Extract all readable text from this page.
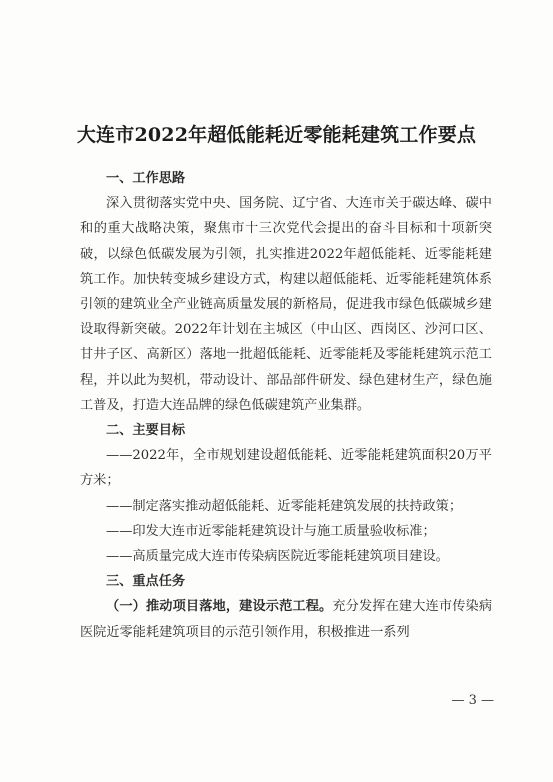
大连市2022年超低能耗近零能耗建筑工作要点

一、工作思路

深入贯彻落实党中央、国务院、辽宁省、大连市关于碳达峰、碳中和的重大战略决策，聚焦市十三次党代会提出的奋斗目标和十项新突破，以绿色低碳发展为引领，扎实推进2022年超低能耗、近零能耗建筑工作。加快转变城乡建设方式，构建以超低能耗、近零能耗建筑体系引领的建筑业全产业链高质量发展的新格局，促进我市绿色低碳城乡建设取得新突破。2022年计划在主城区（中山区、西岗区、沙河口区、甘井子区、高新区）落地一批超低能耗、近零能耗及零能耗建筑示范工程，并以此为契机，带动设计、部品部件研发、绿色建材生产，绿色施工普及，打造大连品牌的绿色低碳建筑产业集群。

二、主要目标

——2022年，全市规划建设超低能耗、近零能耗建筑面积20万平方米；

——制定落实推动超低能耗、近零能耗建筑发展的扶持政策；

——印发大连市近零能耗建筑设计与施工质量验收标准；

——高质量完成大连市传染病医院近零能耗建筑项目建设。

三、重点任务

（一）推动项目落地，建设示范工程。充分发挥在建大连市传染病医院近零能耗建筑项目的示范引领作用，积极推进一系列

— 3 —
